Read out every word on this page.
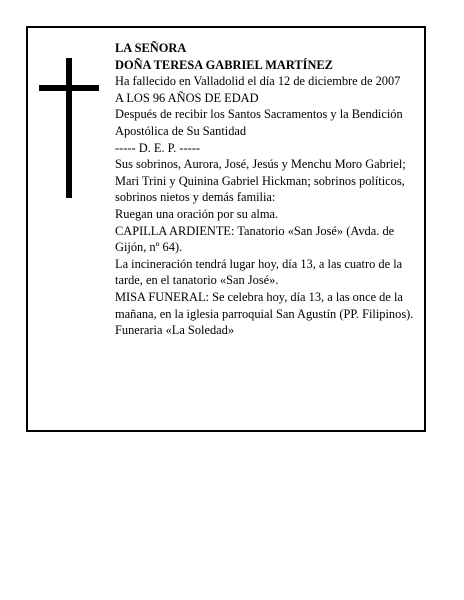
LA SEÑORA

DOÑA TERESA GABRIEL MARTÍNEZ

Ha fallecido en Valladolid el día 12 de diciembre de 2007

A LOS 96 AÑOS DE EDAD

Después de recibir los Santos Sacramentos y la Bendición Apostólica de Su Santidad

----- D. E. P. -----

Sus sobrinos, Aurora, José, Jesús y Menchu Moro Gabriel; Mari Trini y Quinina Gabriel Hickman; sobrinos políticos, sobrinos nietos y demás familia:

Ruegan una oración por su alma.

CAPILLA ARDIENTE: Tanatorio «San José» (Avda. de Gijón, nº 64).

La incineración tendrá lugar hoy, día 13, a las cuatro de la tarde, en el tanatorio «San José».

MISA FUNERAL: Se celebra hoy, día 13, a las once de la mañana, en la iglesia parroquial San Agustín (PP. Filipinos).

Funeraria «La Soledad»
